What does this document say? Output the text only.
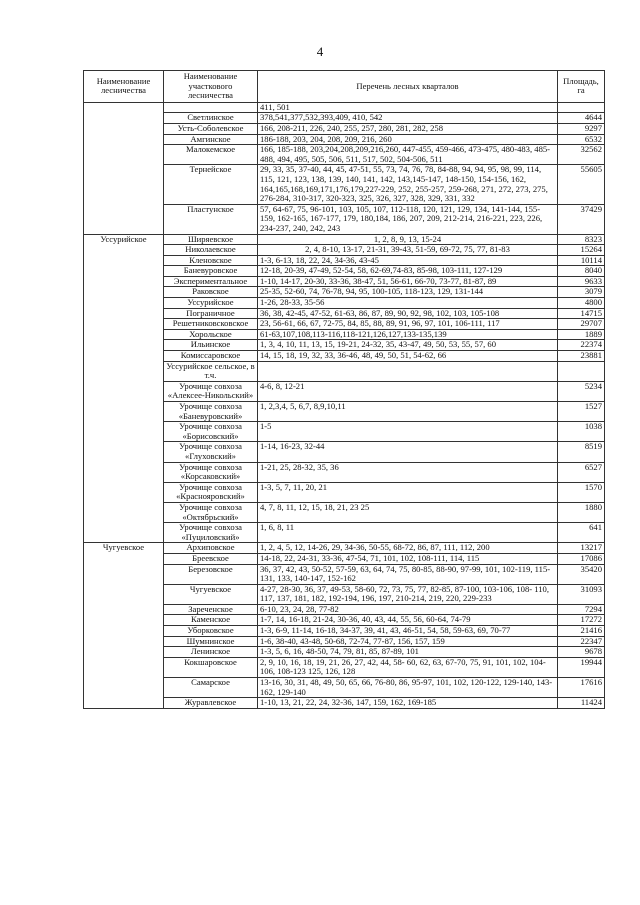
4
Наименование лесничества	Наименование участкового лесничества	Перечень лесных кварталов	Площадь, га
		411, 501	
	Светлинское	378,541,377,532,393,409, 410, 542	4644
	Усть-Соболевское	166, 208-211, 226, 240, 255, 257, 280, 281, 282, 258	9297
	Амгинское	186-188, 203, 204, 208, 209, 216, 260	6532
	Малокемское	166, 185-188, 203,204,208,209,216,260, 447-455, 459-466, 473-475, 480-483, 485-488, 494, 495, 505, 506, 511, 517, 502, 504-506, 511	32562
	Тернейское	29, 33, 35, 37-40, 44, 45, 47-51, 55, 73, 74, 76, 78, 84-88, 94, 94, 95, 98, 99, 114, 115, 121, 123, 138, 139, 140, 141, 142, 143,145-147, 148-150, 154-156, 162, 164,165,168,169,171,176,179,227-229, 252, 255-257, 259-268, 271, 272, 273, 275, 276-284, 310-317, 320-323, 325, 326, 327, 328, 329, 331, 332	55605
	Пластунское	57, 64-67, 75, 96-101, 103, 105, 107, 112-118, 120, 121, 129, 134, 141-144, 155-159, 162-165, 167-177, 179, 180,184, 186, 207, 209, 212-214, 216-221, 223, 226, 234-237, 240, 242, 243	37429
Уссурийское	Ширяевское	1, 2, 8, 9, 13, 15-24	8323
	Николаевское	2, 4, 8-10, 13-17, 21-31, 39-43, 51-59, 69-72, 75, 77, 81-83	15264
	Кленовское	1-3, 6-13, 18, 22, 24, 34-36, 43-45	10114
	Баневуровское	12-18, 20-39, 47-49, 52-54, 58, 62-69,74-83, 85-98, 103-111, 127-129	8040
	Экспериментальное	1-10, 14-17, 20-30, 33-36, 38-47, 51, 56-61, 66-70, 73-77, 81-87, 89	9633
	Раковское	25-35, 52-60, 74, 76-78, 94, 95, 100-105, 118-123, 129, 131-144	3079
	Уссурийское	1-26, 28-33, 35-56	4800
	Пограничное	36, 38, 42-45, 47-52, 61-63, 86, 87, 89, 90, 92, 98, 102, 103, 105-108	14715
	Решетниковсковское	23, 56-61, 66, 67, 72-75, 84, 85, 88, 89, 91, 96, 97, 101, 106-111, 117	29707
	Хорольское	61-63,107,108,113-116,118-121,126,127,133-135,139	1889
	Ильинское	1, 3, 4, 10, 11, 13, 15, 19-21, 24-32, 35, 43-47, 49, 50, 53, 55, 57, 60	22374
	Комиссаровское	14, 15, 18, 19, 32, 33, 36-46, 48, 49, 50, 51, 54-62, 66	23881
	Уссурийское сельское, в т.ч.		
	Урочище совхоза «Алексее-Никольский»	4-6, 8, 12-21	5234
	Урочище совхоза «Баневуровский»	1, 2,3,4, 5, 6,7, 8,9,10,11	1527
	Урочище совхоза «Борисовский»	1-5	1038
	Урочище совхоза «Глуховский»	1-14, 16-23, 32-44	8519
	Урочище совхоза «Корсаковский»	1-21, 25, 28-32, 35, 36	6527
	Урочище совхоза «Краснояровский»	1-3, 5, 7, 11, 20, 21	1570
	Урочище совхоза «Октябрьский»	4, 7, 8, 11, 12, 15, 18, 21, 23 25	1880
	Урочище совхоза «Пуциловский»	1, 6, 8, 11	641
Чугуевское	Архиповское	1, 2, 4, 5, 12, 14-26, 29, 34-36, 50-55, 68-72, 86, 87, 111, 112, 200	13217
	Бреевское	14-18, 22, 24-31, 33-36, 47-54, 71, 101, 102, 108-111, 114, 115	17086
	Березовское	36, 37, 42, 43, 50-52, 57-59, 63, 64, 74, 75, 80-85, 88-90, 97-99, 101, 102-119, 115-131, 133, 140-147, 152-162	35420
	Чугуевское	4-27, 28-30, 36, 37, 49-53, 58-60, 72, 73, 75, 77, 82-85, 87-100, 103-106, 108- 110, 117, 137, 181, 182, 192-194, 196, 197, 210-214, 219, 220, 229-233	31093
	Зареченское	6-10, 23, 24, 28, 77-82	7294
	Каменское	1-7, 14, 16-18, 21-24, 30-36, 40, 43, 44, 55, 56, 60-64, 74-79	17272
	Уборковское	1-3, 6-9, 11-14, 16-18, 34-37, 39, 41, 43, 46-51, 54, 58, 59-63, 69, 70-77	21416
	Шумнинское	1-6, 38-40, 43-48, 50-68, 72-74, 77-87, 156, 157, 159	22347
	Ленинское	1-3, 5, 6, 16, 48-50, 74, 79, 81, 85, 87-89, 101	9678
	Кокшаровское	2, 9, 10, 16, 18, 19, 21, 26, 27, 42, 44, 58- 60, 62, 63, 67-70, 75, 91, 101, 102, 104-106, 108-123 125, 126, 128	19944
	Самарское	13-16, 30, 31, 48, 49, 50, 65, 66, 76-80, 86, 95-97, 101, 102, 120-122, 129-140, 143-162, 129-140	17616
	Журавлевское	1-10, 13, 21, 22, 24, 32-36, 147, 159, 162, 169-185	11424
